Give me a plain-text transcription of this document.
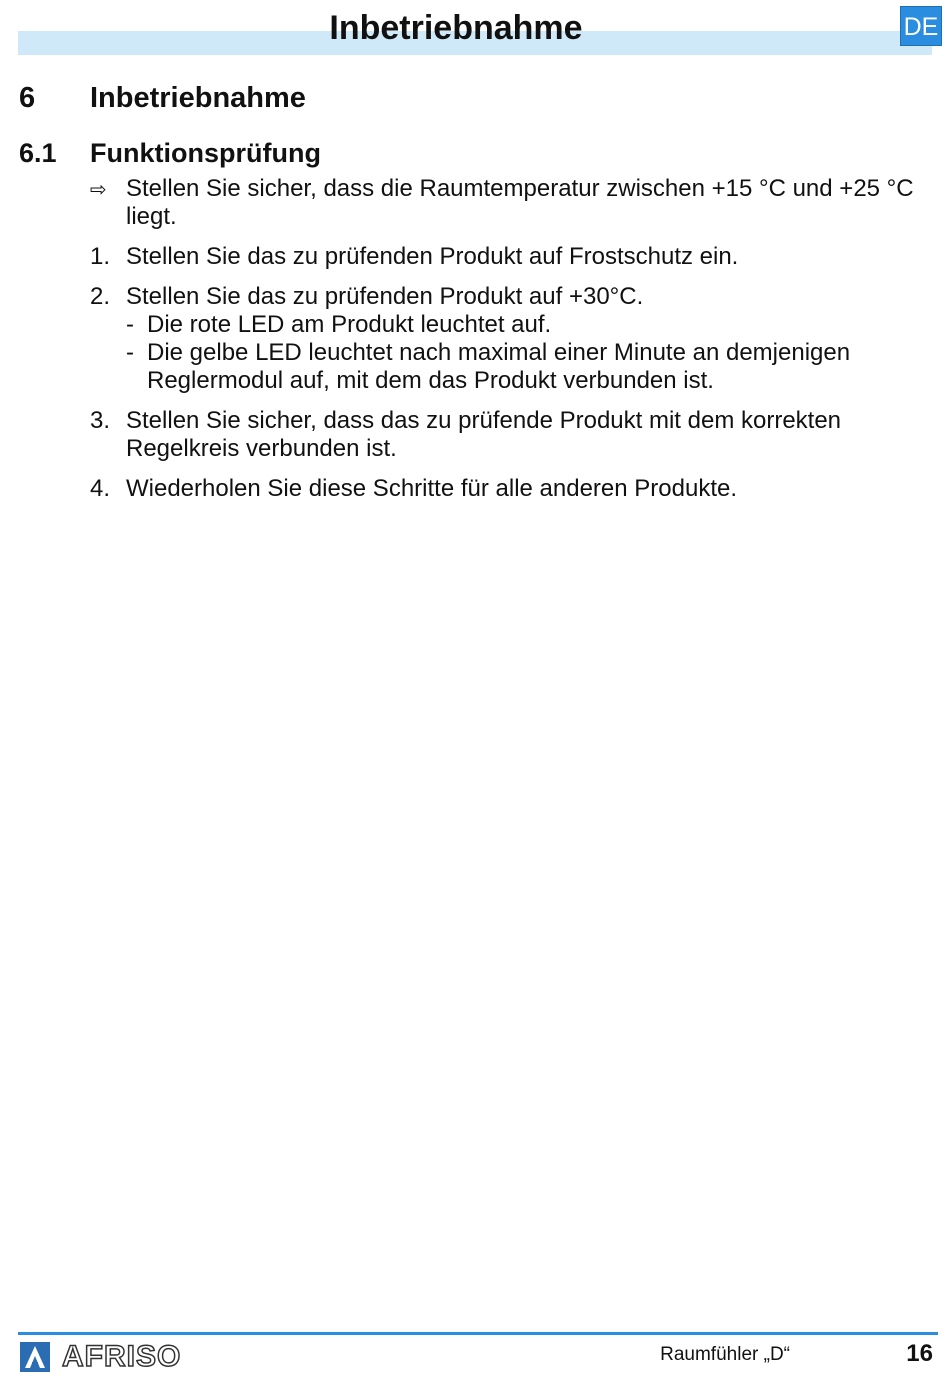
Inbetriebnahme	DE
6 Inbetriebnahme
6.1 Funktionsprüfung
⇨ Stellen Sie sicher, dass die Raumtemperatur zwischen +15 °C und +25 °C liegt.
1. Stellen Sie das zu prüfenden Produkt auf Frostschutz ein.
2. Stellen Sie das zu prüfenden Produkt auf +30°C.
- Die rote LED am Produkt leuchtet auf.
- Die gelbe LED leuchtet nach maximal einer Minute an demjenigen Reglermodul auf, mit dem das Produkt verbunden ist.
3. Stellen Sie sicher, dass das zu prüfende Produkt mit dem korrekten Regelkreis verbunden ist.
4. Wiederholen Sie diese Schritte für alle anderen Produkte.
AFRISO	Raumfühler „D“	16
